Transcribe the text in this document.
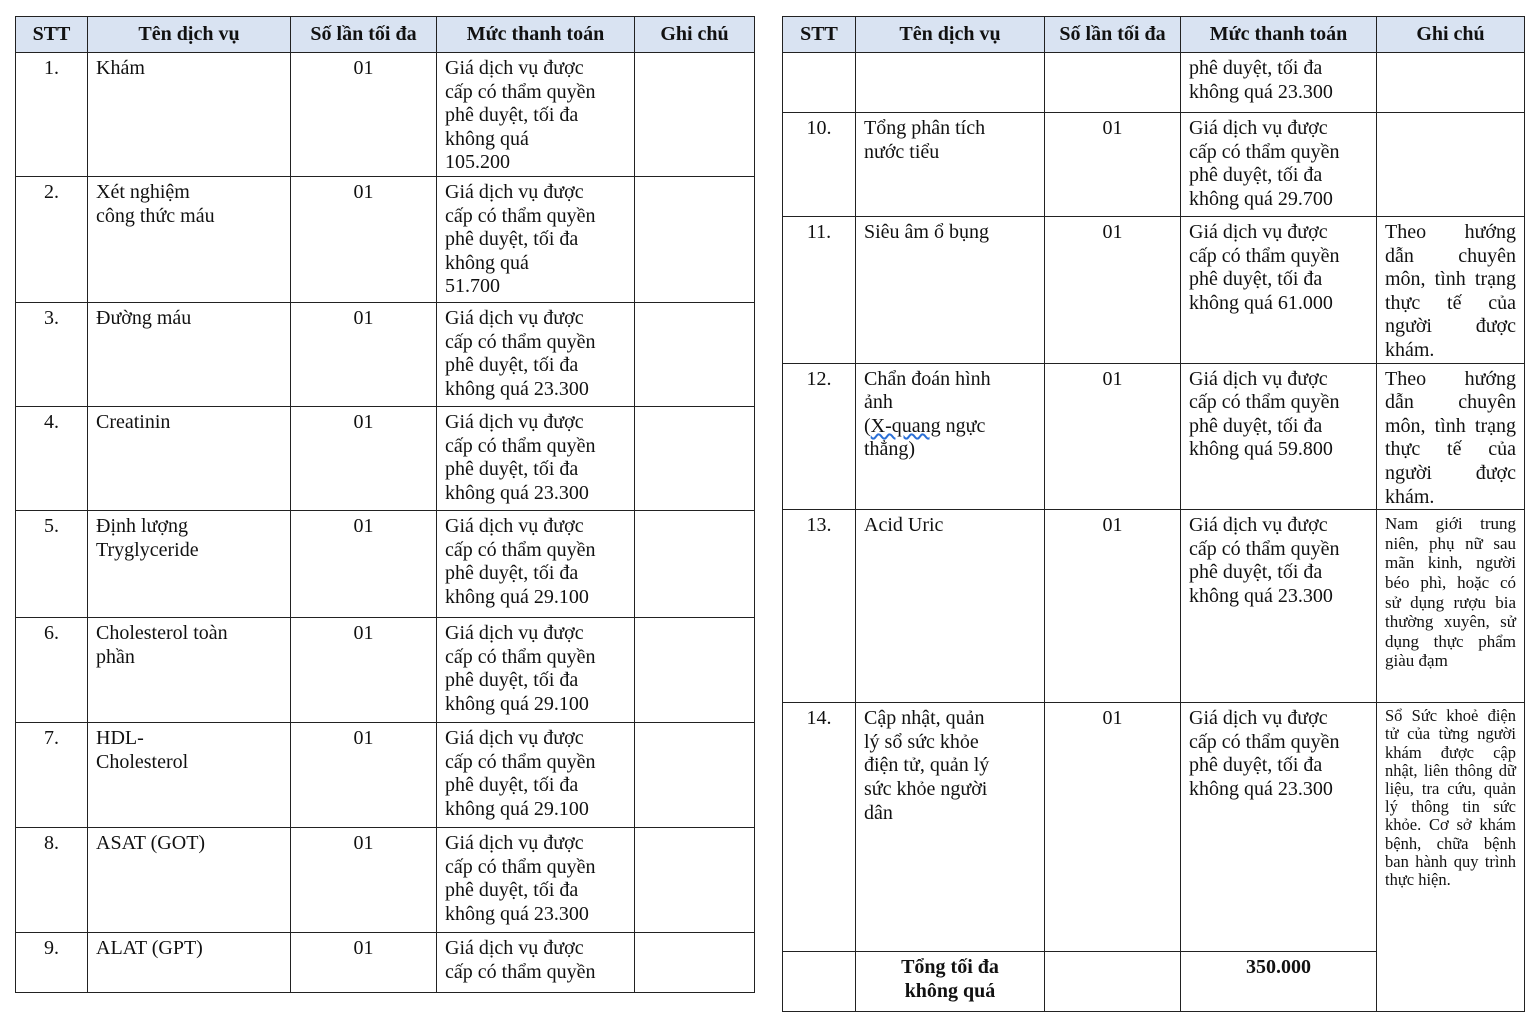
STT	Tên dịch vụ	Số lần tối đa	Mức thanh toán	Ghi chú
1.	Khám	01	Giá dịch vụ được
cấp có thẩm quyền
phê duyệt, tối đa
không quá
105.200	

2.	Xét nghiệm
công thức máu	01	Giá dịch vụ được
cấp có thẩm quyền
phê duyệt, tối đa
không quá
51.700	

3.	Đường máu	01	Giá dịch vụ được
cấp có thẩm quyền
phê duyệt, tối đa
không quá 23.300	

4.	Creatinin	01	Giá dịch vụ được
cấp có thẩm quyền
phê duyệt, tối đa
không quá 23.300	

5.	Định lượng
Tryglyceride	01	Giá dịch vụ được
cấp có thẩm quyền
phê duyệt, tối đa
không quá 29.100	

6.	Cholesterol toàn
phần	01	Giá dịch vụ được
cấp có thẩm quyền
phê duyệt, tối đa
không quá 29.100	

7.	HDL-
Cholesterol	01	Giá dịch vụ được
cấp có thẩm quyền
phê duyệt, tối đa
không quá 29.100	

8.	ASAT (GOT)	01	Giá dịch vụ được
cấp có thẩm quyền
phê duyệt, tối đa
không quá 23.300	

9.	ALAT (GPT)	01	Giá dịch vụ được
cấp có thẩm quyền	

STT	Tên dịch vụ	Số lần tối đa	Mức thanh toán	Ghi chú

			phê duyệt, tối đa
không quá 23.300	

10.	Tổng phân tích
nước tiểu	01	Giá dịch vụ được
cấp có thẩm quyền
phê duyệt, tối đa
không quá 29.700	

11.	Siêu âm ổ bụng	01	Giá dịch vụ được
cấp có thẩm quyền
phê duyệt, tối đa
không quá 61.000	Theo hướng dẫn chuyên môn, tình trạng thực tế của người được khám.
12.	Chẩn đoán hình
ảnh
(X-quang ngực
thẳng)	01	Giá dịch vụ được
cấp có thẩm quyền
phê duyệt, tối đa
không quá 59.800	Theo hướng dẫn chuyên môn, tình trạng thực tế của người được khám.
13.	Acid Uric	01	Giá dịch vụ được
cấp có thẩm quyền
phê duyệt, tối đa
không quá 23.300	Nam giới trung niên, phụ nữ sau mãn kinh, người béo phì, hoặc có sử dụng rượu bia thường xuyên, sử dụng thực phẩm giàu đạm
14.	Cập nhật, quản
lý sổ sức khỏe
điện tử, quản lý
sức khỏe người
dân	01	Giá dịch vụ được
cấp có thẩm quyền
phê duyệt, tối đa
không quá 23.300	Sổ Sức khoẻ điện tử của từng người khám được cập nhật, liên thông dữ liệu, tra cứu, quản lý thông tin sức khỏe. Cơ sở khám bệnh, chữa bệnh ban hành quy trình thực hiện.

	Tổng tối đa
không quá		350.000	
